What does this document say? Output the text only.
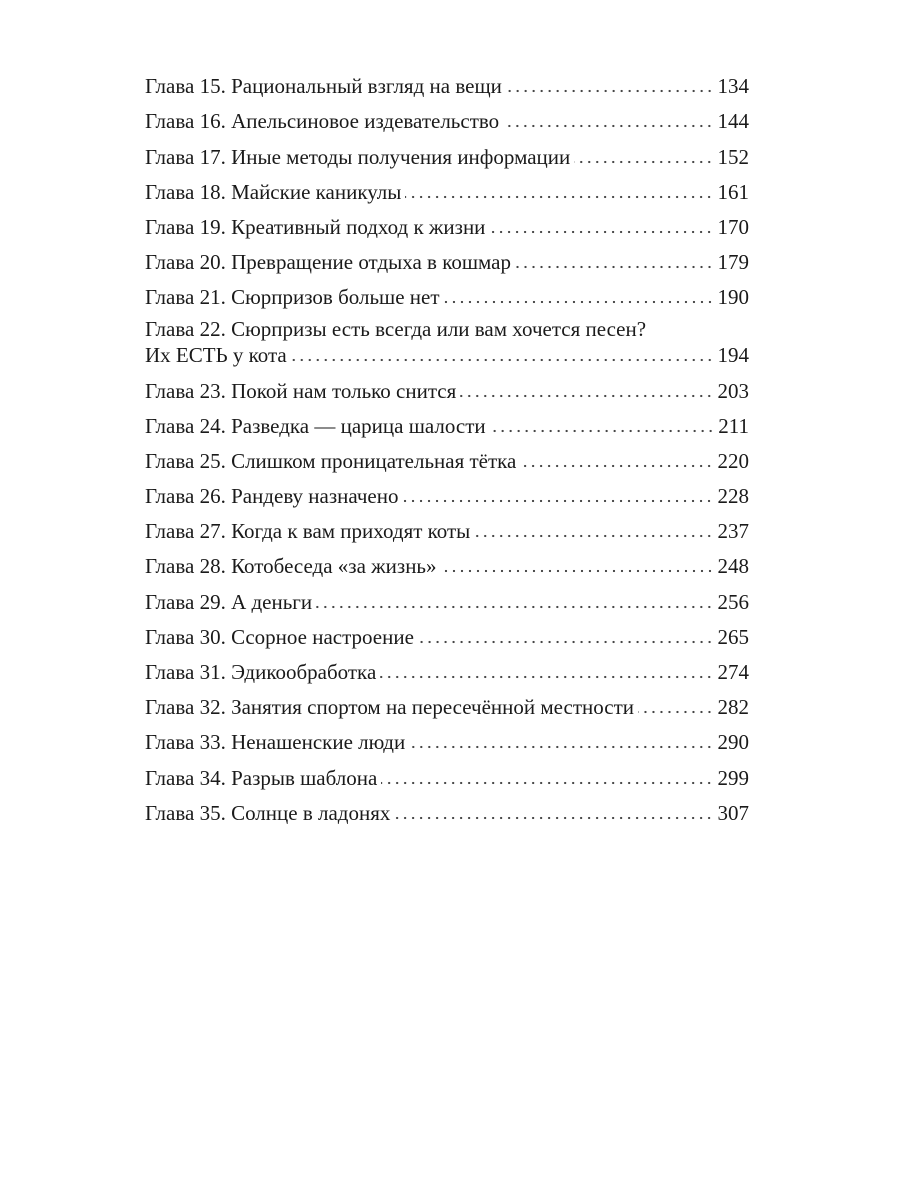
Глава 15. Рациональный взгляд на вещи	134
Глава 16. Апельсиновое издевательство	144
Глава 17. Иные методы получения информации	152
Глава 18. Майские каникулы	161
Глава 19. Креативный подход к жизни	170
Глава 20. Превращение отдыха в кошмар	179
Глава 21. Сюрпризов больше нет	190
Глава 22. Сюрпризы есть всегда или вам хочется песен?
Их ЕСТЬ у кота	194
Глава 23. Покой нам только снится	203
Глава 24. Разведка — царица шалости	211
Глава 25. Слишком проницательная тётка	220
Глава 26. Рандеву назначено	228
Глава 27. Когда к вам приходят коты	237
Глава 28. Котобеседа «за жизнь»	248
Глава 29. А деньги	256
Глава 30. Ссорное настроение	265
Глава 31. Эдикообработка	274
Глава 32. Занятия спортом на пересечённой местности	282
Глава 33. Ненашенские люди	290
Глава 34. Разрыв шаблона	299
Глава 35. Солнце в ладонях	307
